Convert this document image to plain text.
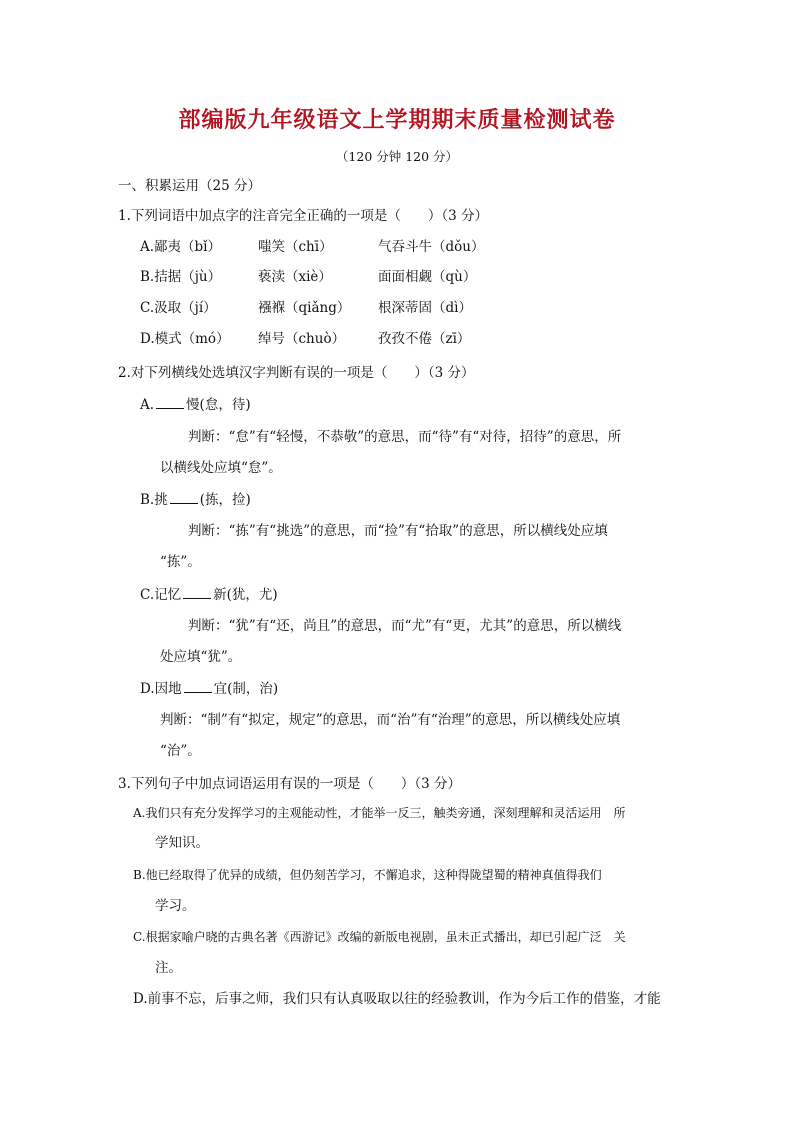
部编版九年级语文上学期期末质量检测试卷
（120 分钟 120 分）
一、积累运用（25 分）
1.下列词语中加点字的注音完全正确的一项是（　　）（3 分）
A.鄙夷（bǐ）	嗤笑（chī）	气吞斗牛（dǒu）
B.拮据（jù）	亵渎（xiè）	面面相觑（qù）
C.汲取（jí）	襁褓（qiǎng） 根深蒂固（dì）
D.模式（mó） 绰号（chuò） 孜孜不倦（zī）
2.对下列横线处选填汉字判断有误的一项是（　　）（3 分）
A. 慢(怠，待)
判断：“怠”有“轻慢，不恭敬”的意思，而“待”有“对待，招待”的意思，所
以横线处应填“怠”。
B.挑 (拣，捡)
判断：“拣”有“挑选”的意思，而“捡”有“拾取”的意思，所以横线处应填
“拣”。
C.记忆 新(犹，尤)
判断：“犹”有“还，尚且”的意思，而“尤”有“更，尤其”的意思，所以横线
处应填“犹”。
D.因地 宜(制，治)
判断：“制”有“拟定，规定”的意思，而“治”有“治理”的意思，所以横线处应填
“治”。
3.下列句子中加点词语运用有误的一项是（　　）（3 分）
A.我们只有充分发挥学习的主观能动性，才能举一反三，触类旁通，深刻理解和灵活运用　所
学知识。
B.他已经取得了优异的成绩，但仍刻苦学习，不懈追求，这种得陇望蜀的精神真值得我们
学习。
C.根据家喻户晓的古典名著《西游记》改编的新版电视剧，虽未正式播出，却已引起广泛　关
注。
D.前事不忘，后事之师，我们只有认真吸取以往的经验教训，作为今后工作的借鉴，才能
